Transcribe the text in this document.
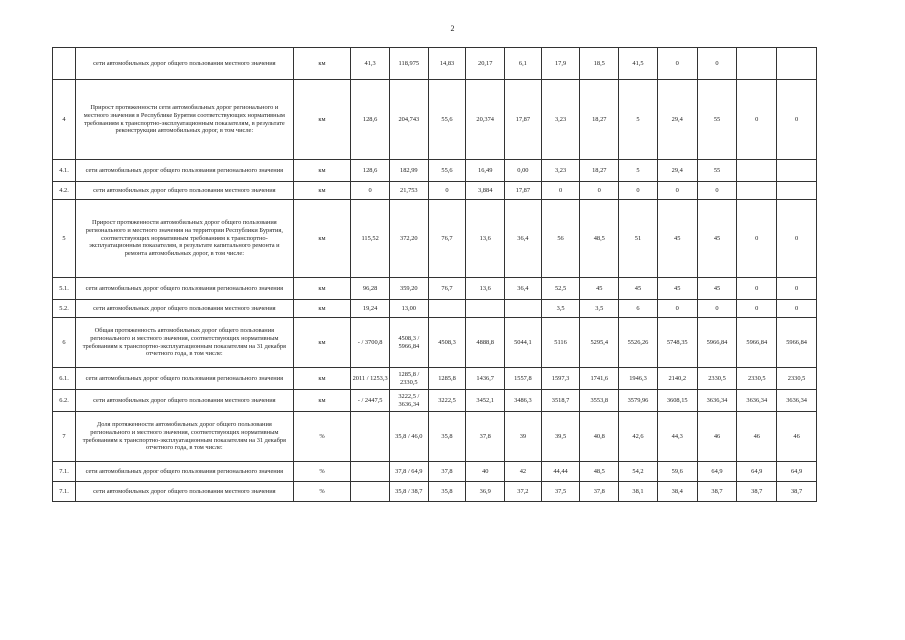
2
	сети автомобильных дорог общего пользования местного значения	км	41,3	118,975	14,83	20,17	6,1	17,9	18,5	41,5	0	0		
4	Прирост протяженности сети автомобильных дорог регионального и местного значения в Республике Бурятия соответствующих нормативным требованиям к транспортно-эксплуатационным показателям, в результате реконструкции автомобильных дорог, в том числе:	км	128,6	204,743	55,6	20,374	17,87	3,23	18,27	5	29,4	55	0	0
4.1.	сети автомобильных дорог общего пользования регионального значения	км	128,6	182,99	55,6	16,49	0,00	3,23	18,27	5	29,4	55		
4.2.	сети автомобильных дорог общего пользования местного значения	км	0	21,753	0	3,884	17,87	0	0	0	0	0		
5	Прирост протяженности автомобильных дорог общего пользования регионального и местного значения на территории Республики Бурятия, соответствующих нормативным требованиям к транспортно-эксплуатационным показателям, в результате капитального ремонта и ремонта автомобильных дорог, в том числе:	км	115,52	372,20	76,7	13,6	36,4	56	48,5	51	45	45	0	0
5.1.	сети автомобильных дорог общего пользования регионального значения	км	96,28	359,20	76,7	13,6	36,4	52,5	45	45	45	45	0	0
5.2.	сети автомобильных дорог общего пользования местного значения	км	19,24	13,00				3,5	3,5	6	0	0	0	0
6	Общая протяженность автомобильных дорог общего пользования регионального и местного значения, соответствующих нормативным требованиям к транспортно-эксплуатационным показателям на 31 декабря отчетного года, в том числе:	км	- / 3700,8	4508,3 / 5966,84	4508,3	4888,8	5044,1	5116	5295,4	5526,26	5748,35	5966,84	5966,84	5966,84
6.1.	сети автомобильных дорог общего пользования регионального значения	км	2011 / 1253,3	1285,8 / 2330,5	1285,8	1436,7	1557,8	1597,3	1741,6	1946,3	2140,2	2330,5	2330,5	2330,5
6.2.	сети автомобильных дорог общего пользования местного значения	км	- / 2447,5	3222,5 / 3636,34	3222,5	3452,1	3486,3	3518,7	3553,8	3579,96	3608,15	3636,34	3636,34	3636,34
7	Доля протяженности автомобильных дорог общего пользования регионального и местного значения, соответствующих нормативным требованиям к транспортно-эксплуатационным показателям на 31 декабря отчетного года, в том числе:	%		35,8 / 46,0	35,8	37,8	39	39,5	40,8	42,6	44,3	46	46	46
7.1.	сети автомобильных дорог общего пользования регионального значения	%		37,8 / 64,9	37,8	40	42	44,44	48,5	54,2	59,6	64,9	64,9	64,9
7.1.	сети автомобильных дорог общего пользования местного значения	%		35,8 / 38,7	35,8	36,9	37,2	37,5	37,8	38,1	38,4	38,7	38,7	38,7
